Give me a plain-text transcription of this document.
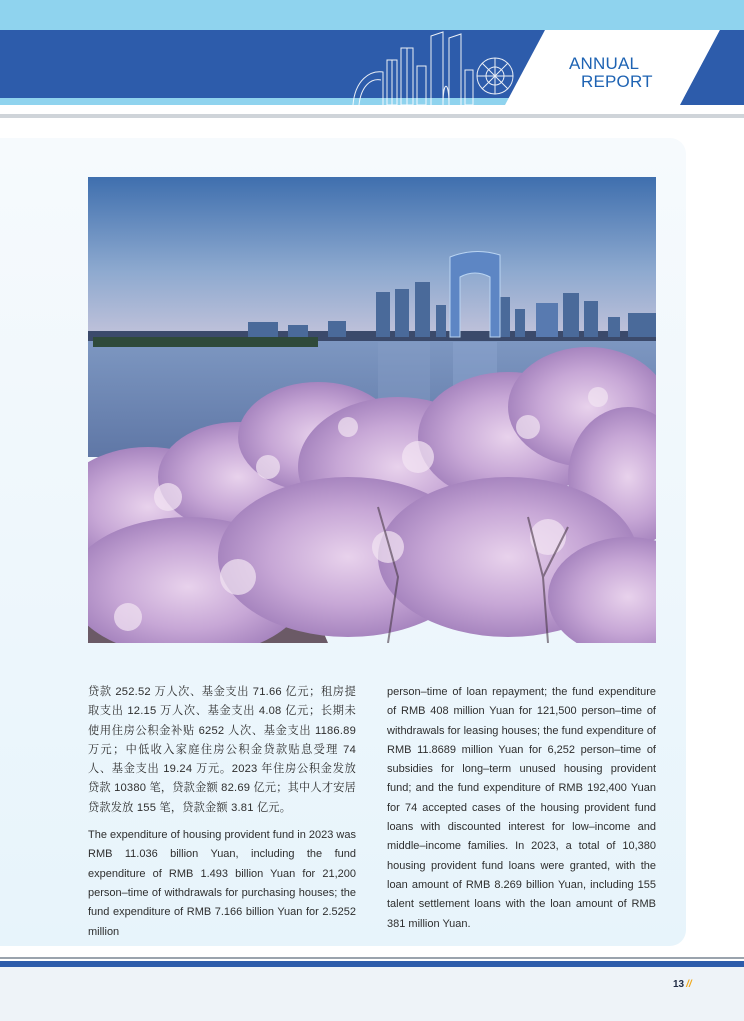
ANNUAL
REPORT

贷款 252.52 万人次、基金支出 71.66 亿元；租房提取支出 12.15 万人次、基金支出 4.08 亿元；长期未使用住房公积金补贴 6252 人次、基金支出 1186.89 万元；中低收入家庭住房公积金贷款贴息受理 74 人、基金支出 19.24 万元。2023 年住房公积金发放贷款 10380 笔，贷款金额 82.69 亿元；其中人才安居贷款发放 155 笔，贷款金额 3.81 亿元。

The expenditure of housing provident fund in 2023 was RMB 11.036 billion Yuan, including the fund expenditure of RMB 1.493 billion Yuan for 21,200 person–time of withdrawals for purchasing houses; the fund expenditure of RMB 7.166 billion Yuan for 2.5252 million

person–time of loan repayment; the fund expenditure of RMB 408 million Yuan for 121,500 person–time of withdrawals for leasing houses; the fund expenditure of RMB 11.8689 million Yuan for 6,252 person–time of subsidies for long–term unused housing provident fund; and the fund expenditure of RMB 192,400 Yuan for 74 accepted cases of the housing provident fund loans with discounted interest for low–income and middle–income families. In 2023, a total of 10,380 housing provident fund loans were granted, with the loan amount of RMB 8.269 billion Yuan, including 155 talent settlement loans with the loan amount of RMB 381 million Yuan.

13 //
